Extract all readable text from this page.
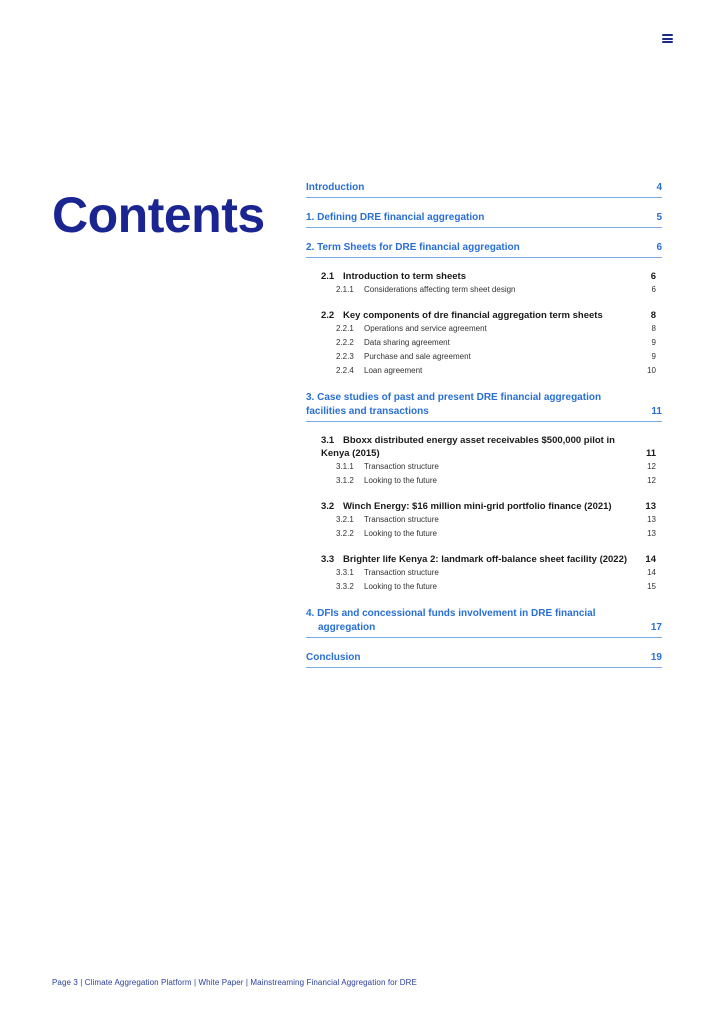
Contents	Introduction	4
1. Defining DRE financial aggregation	5
2. Term Sheets for DRE financial aggregation	6
2.1 Introduction to term sheets	6
2.1.1 Considerations affecting term sheet design	6
2.2 Key components of dre financial aggregation term sheets	8
2.2.1 Operations and service agreement	8
2.2.2 Data sharing agreement	9
2.2.3 Purchase and sale agreement	9
2.2.4 Loan agreement	10
3. Case studies of past and present DRE financial aggregation
facilities and transactions	11
3.1 Bboxx distributed energy asset receivables $500,000 pilot in
Kenya (2015)	11
3.1.1 Transaction structure	12
3.1.2 Looking to the future	12
3.2 Winch Energy: $16 million mini-grid portfolio finance (2021)	13
3.2.1 Transaction structure	13
3.2.2 Looking to the future	13
3.3 Brighter life Kenya 2: landmark off-balance sheet facility (2022) 14
3.3.1 Transaction structure	14
3.3.2 Looking to the future	15
4. DFIs and concessional funds involvement in DRE financial
aggregation	17
Conclusion	19
Page 3 | Climate Aggregation Platform | White Paper | Mainstreaming Financial Aggregation for DRE
